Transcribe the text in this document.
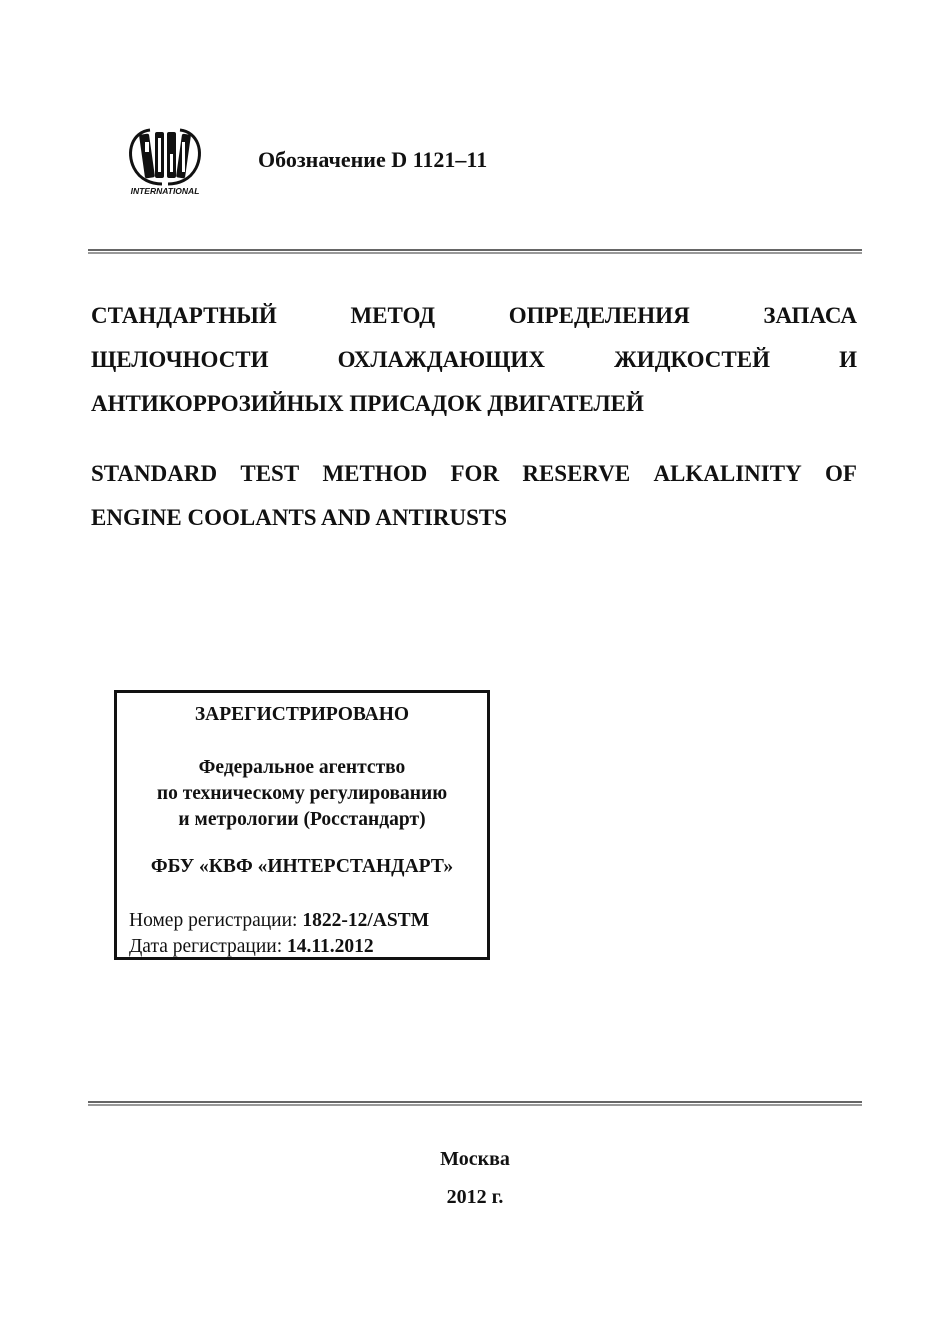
INTERNATIONAL
Обозначение D 1121–11
СТАНДАРТНЫЙ	МЕТОД	ОПРЕДЕЛЕНИЯ	ЗАПАСА
ЩЕЛОЧНОСТИ	ОХЛАЖДАЮЩИХ	ЖИДКОСТЕЙ	И
АНТИКОРРОЗИЙНЫХ ПРИСАДОК ДВИГАТЕЛЕЙ
STANDARD TEST METHOD FOR RESERVE ALKALINITY OF
ENGINE COOLANTS AND ANTIRUSTS
ЗАРЕГИСТРИРОВАНО
Федеральное агентство
по техническому регулированию
и метрологии (Росстандарт)
ФБУ «КВФ «ИНТЕРСТАНДАРТ»
Номер регистрации: 1822-12/ASTM
Дата регистрации: 14.11.2012
Москва
2012 г.
